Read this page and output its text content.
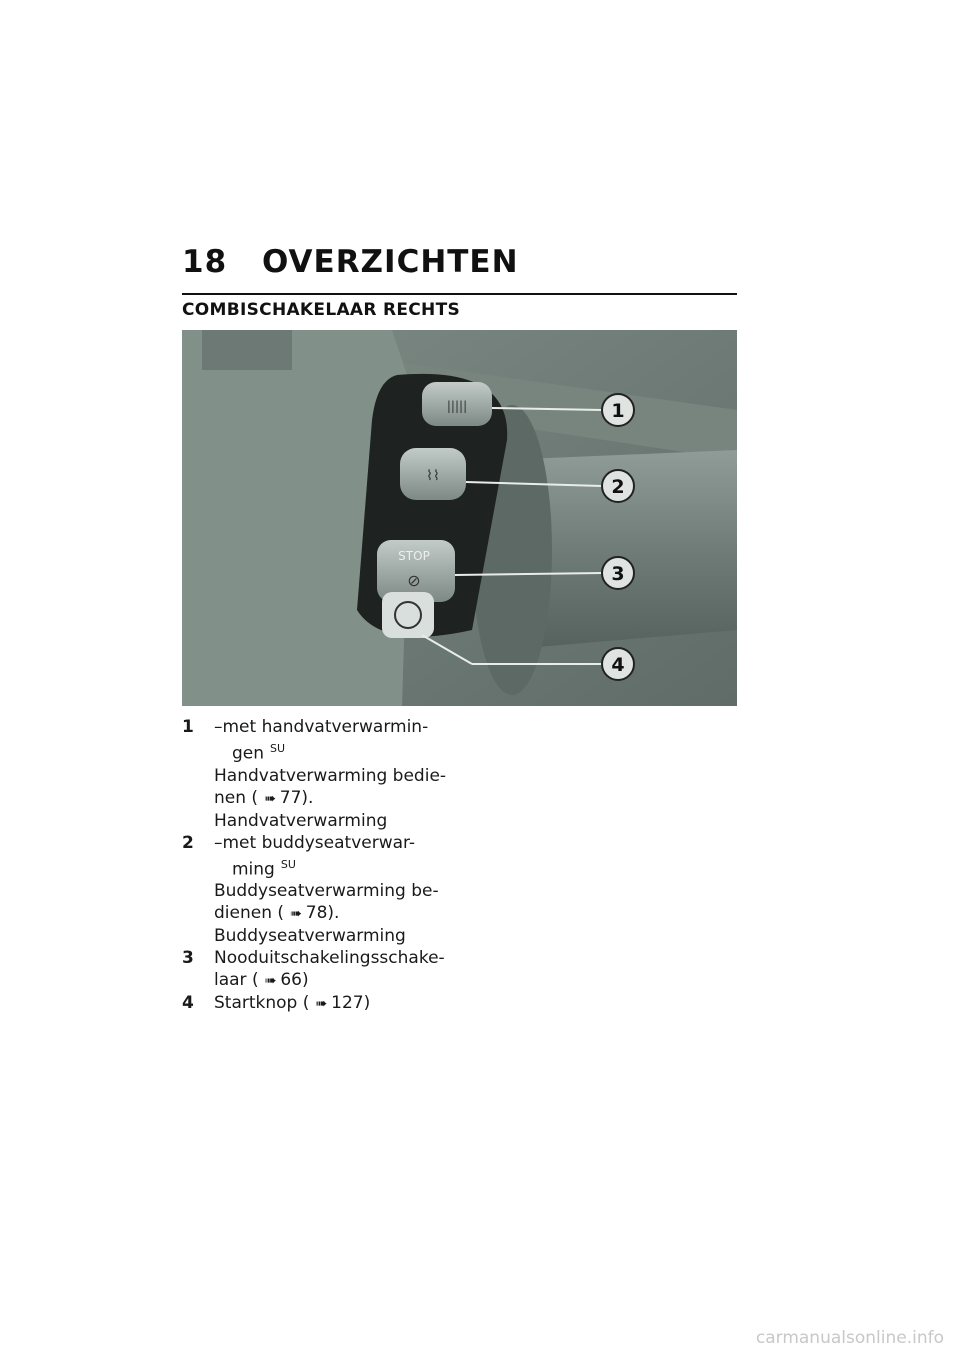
18	OVERZICHTEN
COMBISCHAKELAAR RECHTS
|||||
⌇⌇
STOP
⊘
1
2
3
4
1	–met handvatverwarmin-
gen $^{SU}$
Handvatverwarming bedie-
nen ( ➠ 77).
Handvatverwarming
2	–met buddyseatverwar-
ming $^{SU}$
Buddyseatverwarming be-
dienen ( ➠ 78).
Buddyseatverwarming
3	Nooduitschakelingsschake-
laar ( ➠ 66)
4	Startknop ( ➠ 127)
carmanualsonline.info
